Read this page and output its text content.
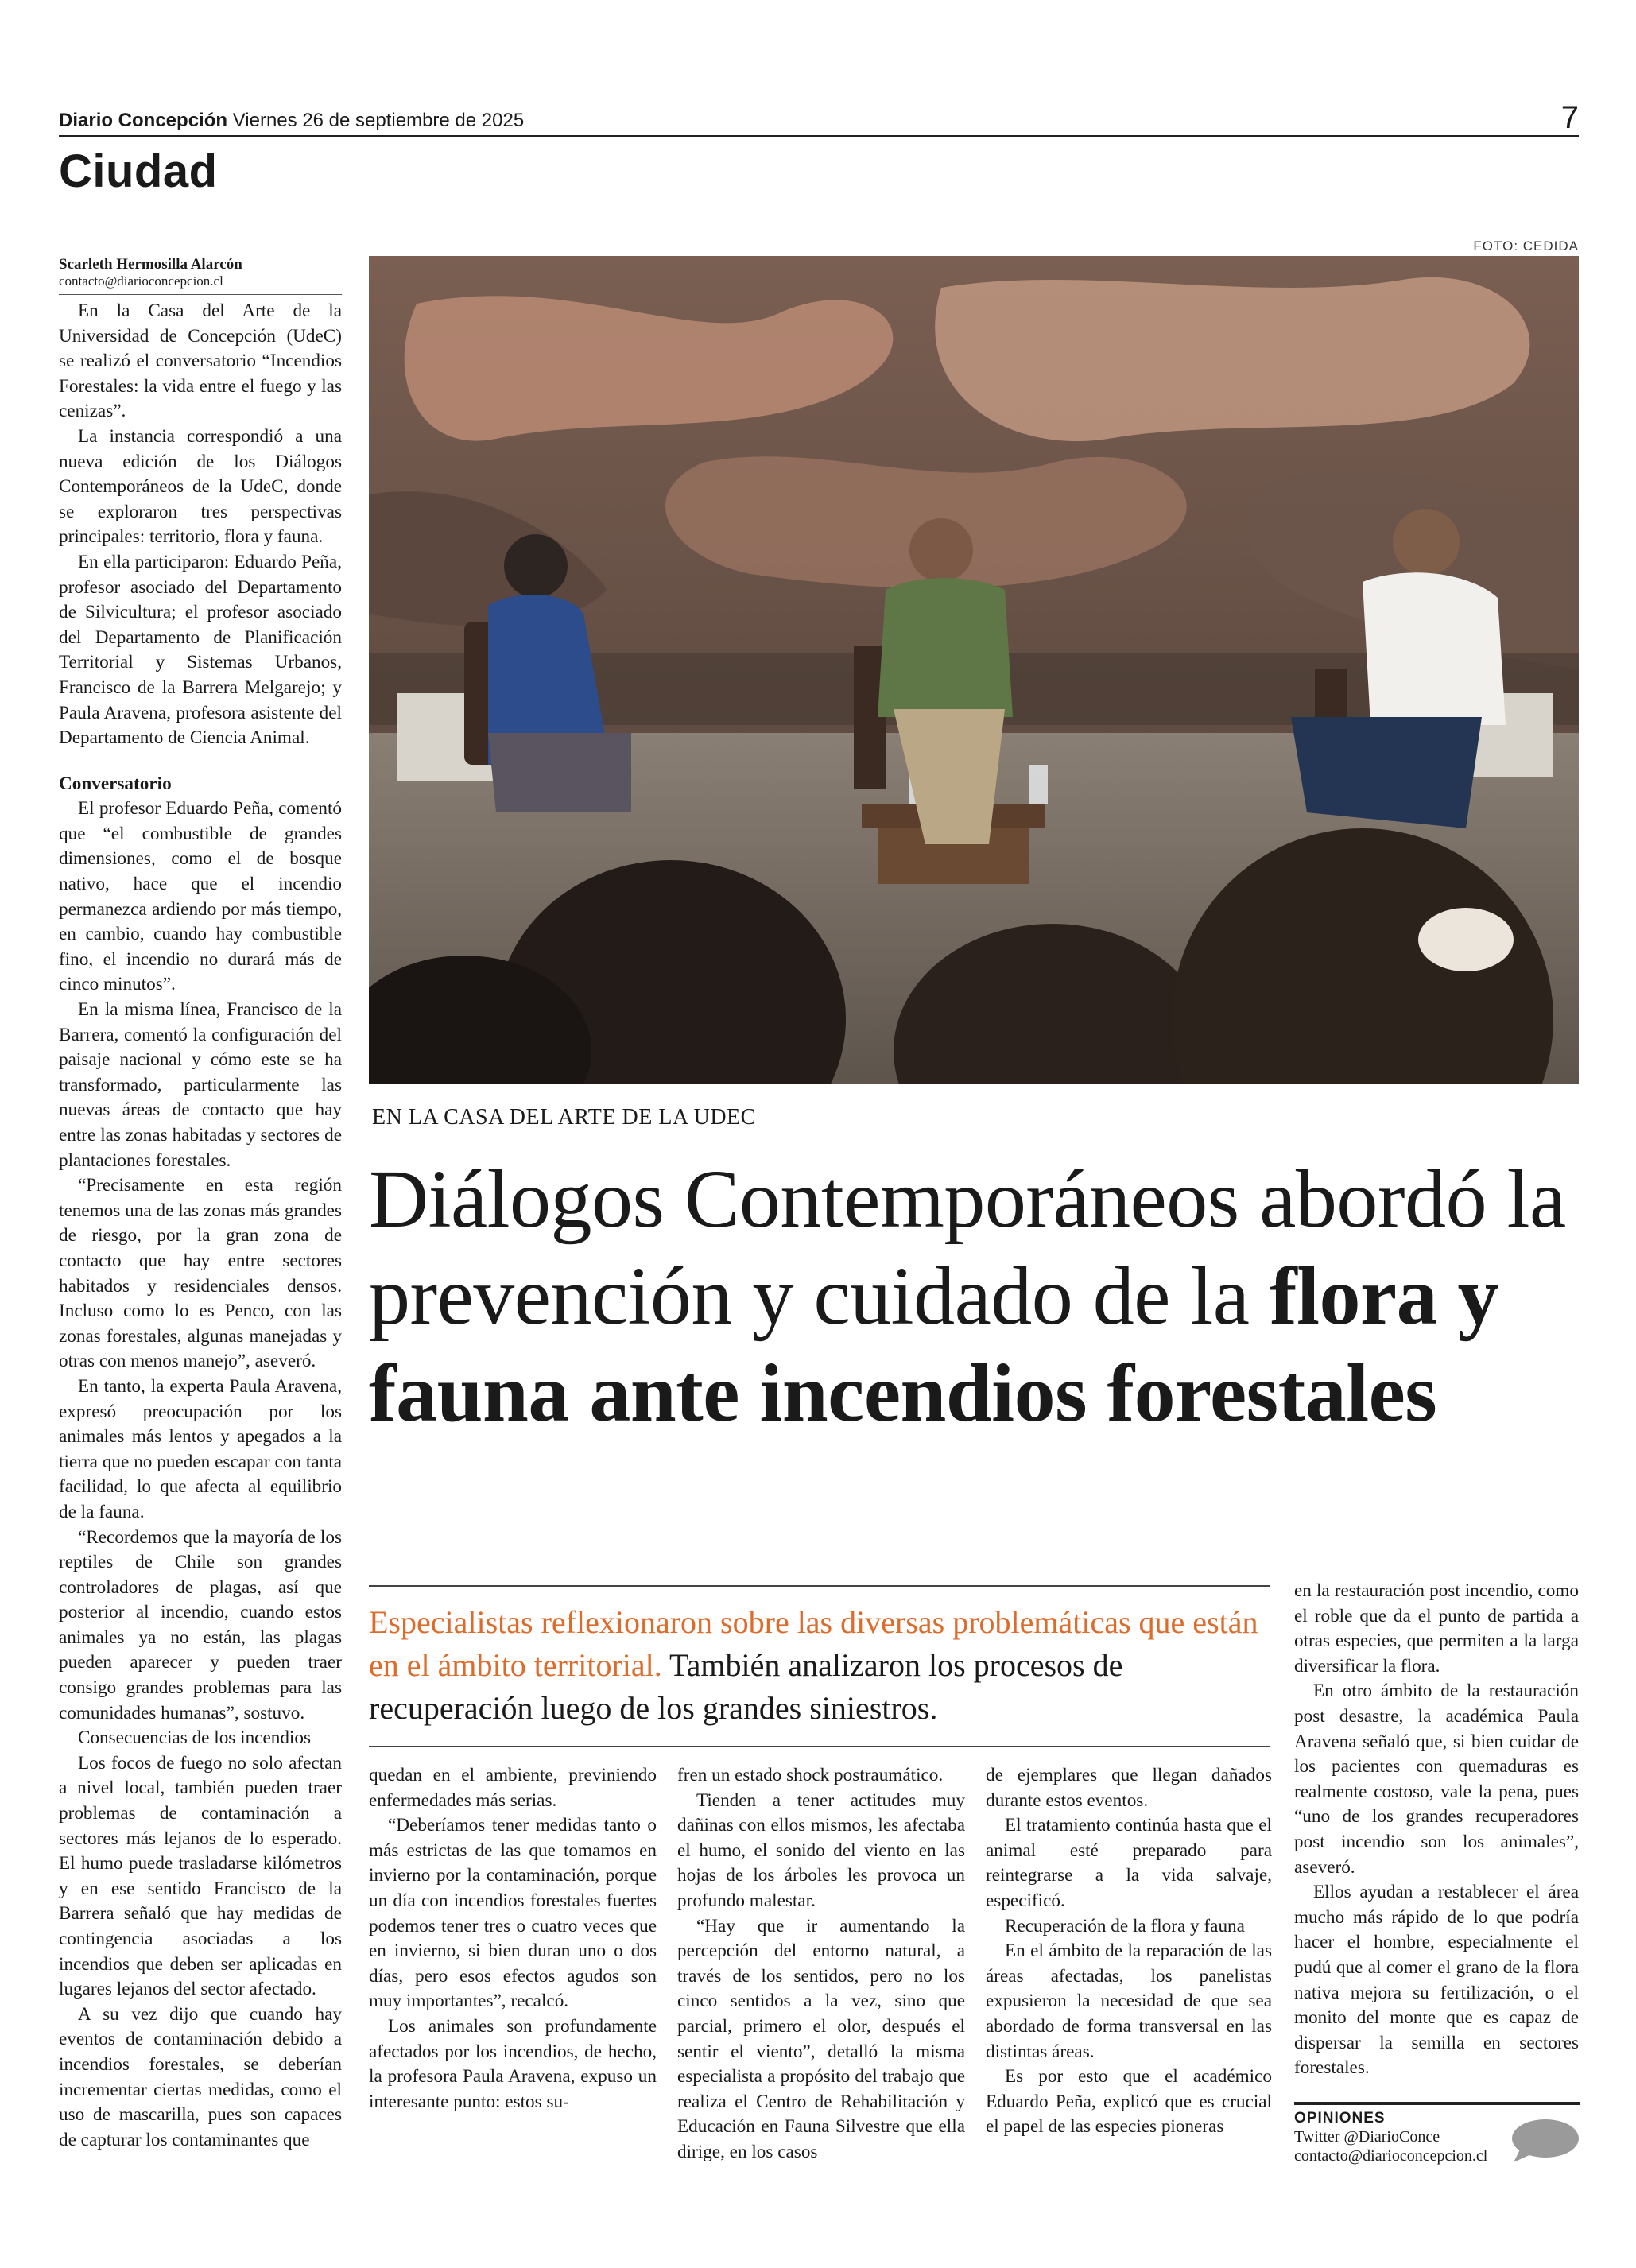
Diario Concepción Viernes 26 de septiembre de 2025	7
Ciudad
Scarleth Hermosilla Alarcón
contacto@diarioconcepcion.cl

En la Casa del Arte de la Universidad de Concepción (UdeC) se realizó el conversatorio “Incendios Forestales: la vida entre el fuego y las cenizas”.

La instancia correspondió a una nueva edición de los Diálogos Contemporáneos de la UdeC, donde se exploraron tres perspectivas principales: territorio, flora y fauna.

En ella participaron: Eduardo Peña, profesor asociado del Departamento de Silvicultura; el profesor asociado del Departamento de Planificación Territorial y Sistemas Urbanos, Francisco de la Barrera Melgarejo; y Paula Aravena, profesora asistente del Departamento de Ciencia Animal.

Conversatorio

El profesor Eduardo Peña, comentó que “el combustible de grandes dimensiones, como el de bosque nativo, hace que el incendio permanezca ardiendo por más tiempo, en cambio, cuando hay combustible fino, el incendio no durará más de cinco minutos”.

En la misma línea, Francisco de la Barrera, comentó la configuración del paisaje nacional y cómo este se ha transformado, particularmente las nuevas áreas de contacto que hay entre las zonas habitadas y sectores de plantaciones forestales.

“Precisamente en esta región tenemos una de las zonas más grandes de riesgo, por la gran zona de contacto que hay entre sectores habitados y residenciales densos. Incluso como lo es Penco, con las zonas forestales, algunas manejadas y otras con menos manejo”, aseveró.

En tanto, la experta Paula Aravena, expresó preocupación por los animales más lentos y apegados a la tierra que no pueden escapar con tanta facilidad, lo que afecta al equilibrio de la fauna.

“Recordemos que la mayoría de los reptiles de Chile son grandes controladores de plagas, así que posterior al incendio, cuando estos animales ya no están, las plagas pueden aparecer y pueden traer consigo grandes problemas para las comunidades humanas”, sostuvo.

Consecuencias de los incendios

Los focos de fuego no solo afectan a nivel local, también pueden traer problemas de contaminación a sectores más lejanos de lo esperado. El humo puede trasladarse kilómetros y en ese sentido Francisco de la Barrera señaló que hay medidas de contingencia asociadas a los incendios que deben ser aplicadas en lugares lejanos del sector afectado.

A su vez dijo que cuando hay eventos de contaminación debido a incendios forestales, se deberían incrementar ciertas medidas, como el uso de mascarilla, pues son capaces de capturar los contaminantes que

FOTO: CEDIDA
EN LA CASA DEL ARTE DE LA UDEC
Diálogos Contemporáneos abordó la prevención y cuidado de la flora y fauna ante incendios forestales
Especialistas reflexionaron sobre las diversas problemáticas que están en el ámbito territorial. También analizaron los procesos de recuperación luego de los grandes siniestros.

quedan en el ambiente, previniendo enfermedades más serias.

“Deberíamos tener medidas tanto o más estrictas de las que tomamos en invierno por la contaminación, porque un día con incendios forestales fuertes podemos tener tres o cuatro veces que en invierno, si bien duran uno o dos días, pero esos efectos agudos son muy importantes”, recalcó.

Los animales son profundamente afectados por los incendios, de hecho, la profesora Paula Aravena, expuso un interesante punto: estos su-

fren un estado shock postraumático.

Tienden a tener actitudes muy dañinas con ellos mismos, les afectaba el humo, el sonido del viento en las hojas de los árboles les provoca un profundo malestar.

“Hay que ir aumentando la percepción del entorno natural, a través de los sentidos, pero no los cinco sentidos a la vez, sino que parcial, primero el olor, después el sentir el viento”, detalló la misma especialista a propósito del trabajo que realiza el Centro de Rehabilitación y Educación en Fauna Silvestre que ella dirige, en los casos

de ejemplares que llegan dañados durante estos eventos.

El tratamiento continúa hasta que el animal esté preparado para reintegrarse a la vida salvaje, especificó.

Recuperación de la flora y fauna

En el ámbito de la reparación de las áreas afectadas, los panelistas expusieron la necesidad de que sea abordado de forma transversal en las distintas áreas.

Es por esto que el académico Eduardo Peña, explicó que es crucial el papel de las especies pioneras

en la restauración post incendio, como el roble que da el punto de partida a otras especies, que permiten a la larga diversificar la flora.

En otro ámbito de la restauración post desastre, la académica Paula Aravena señaló que, si bien cuidar de los pacientes con quemaduras es realmente costoso, vale la pena, pues “uno de los grandes recuperadores post incendio son los animales”, aseveró.

Ellos ayudan a restablecer el área mucho más rápido de lo que podría hacer el hombre, especialmente el pudú que al comer el grano de la flora nativa mejora su fertilización, o el monito del monte que es capaz de dispersar la semilla en sectores forestales.

OPINIONES
Twitter @DiarioConce
contacto@diarioconcepcion.cl
